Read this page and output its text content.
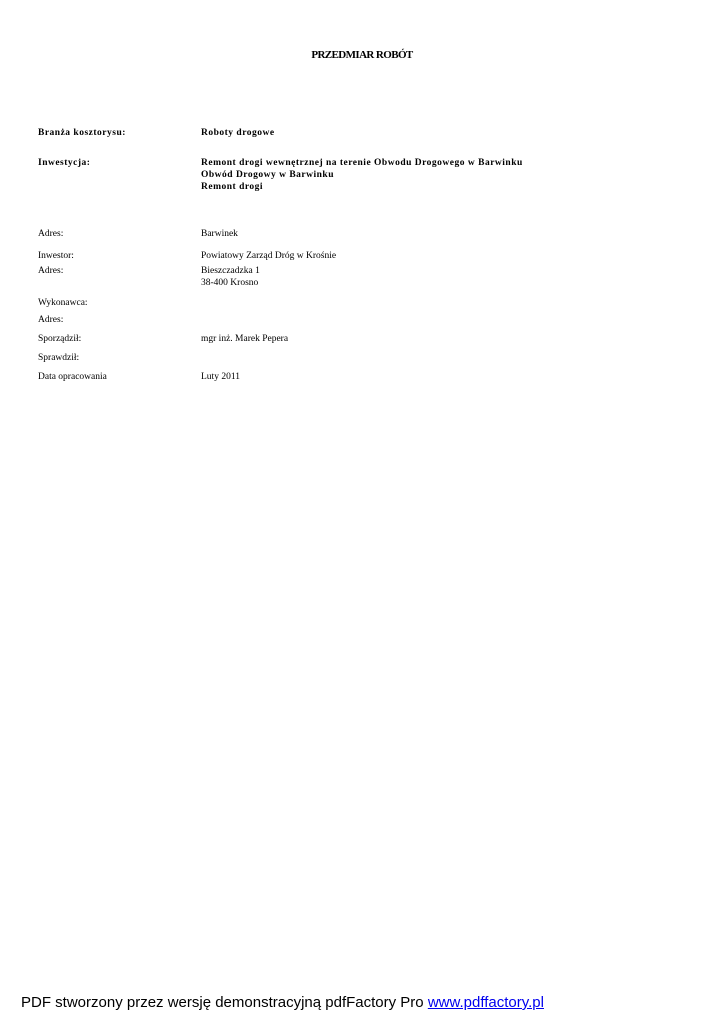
PRZEDMIAR ROBÓT
Branża kosztorysu:	Roboty drogowe
Inwestycja:	Remont drogi wewnętrznej na terenie Obwodu Drogowego w Barwinku
Obwód Drogowy w Barwinku
Remont drogi
Adres:	Barwinek
Inwestor:	Powiatowy Zarząd Dróg w Krośnie
Adres:	Bieszczadzka 1
38-400 Krosno
Wykonawca:
Adres:
Sporządził:	mgr inż. Marek Pepera
Sprawdził:
Data opracowania	Luty 2011
PDF stworzony przez wersję demonstracyjną pdfFactory Pro www.pdffactory.pl
